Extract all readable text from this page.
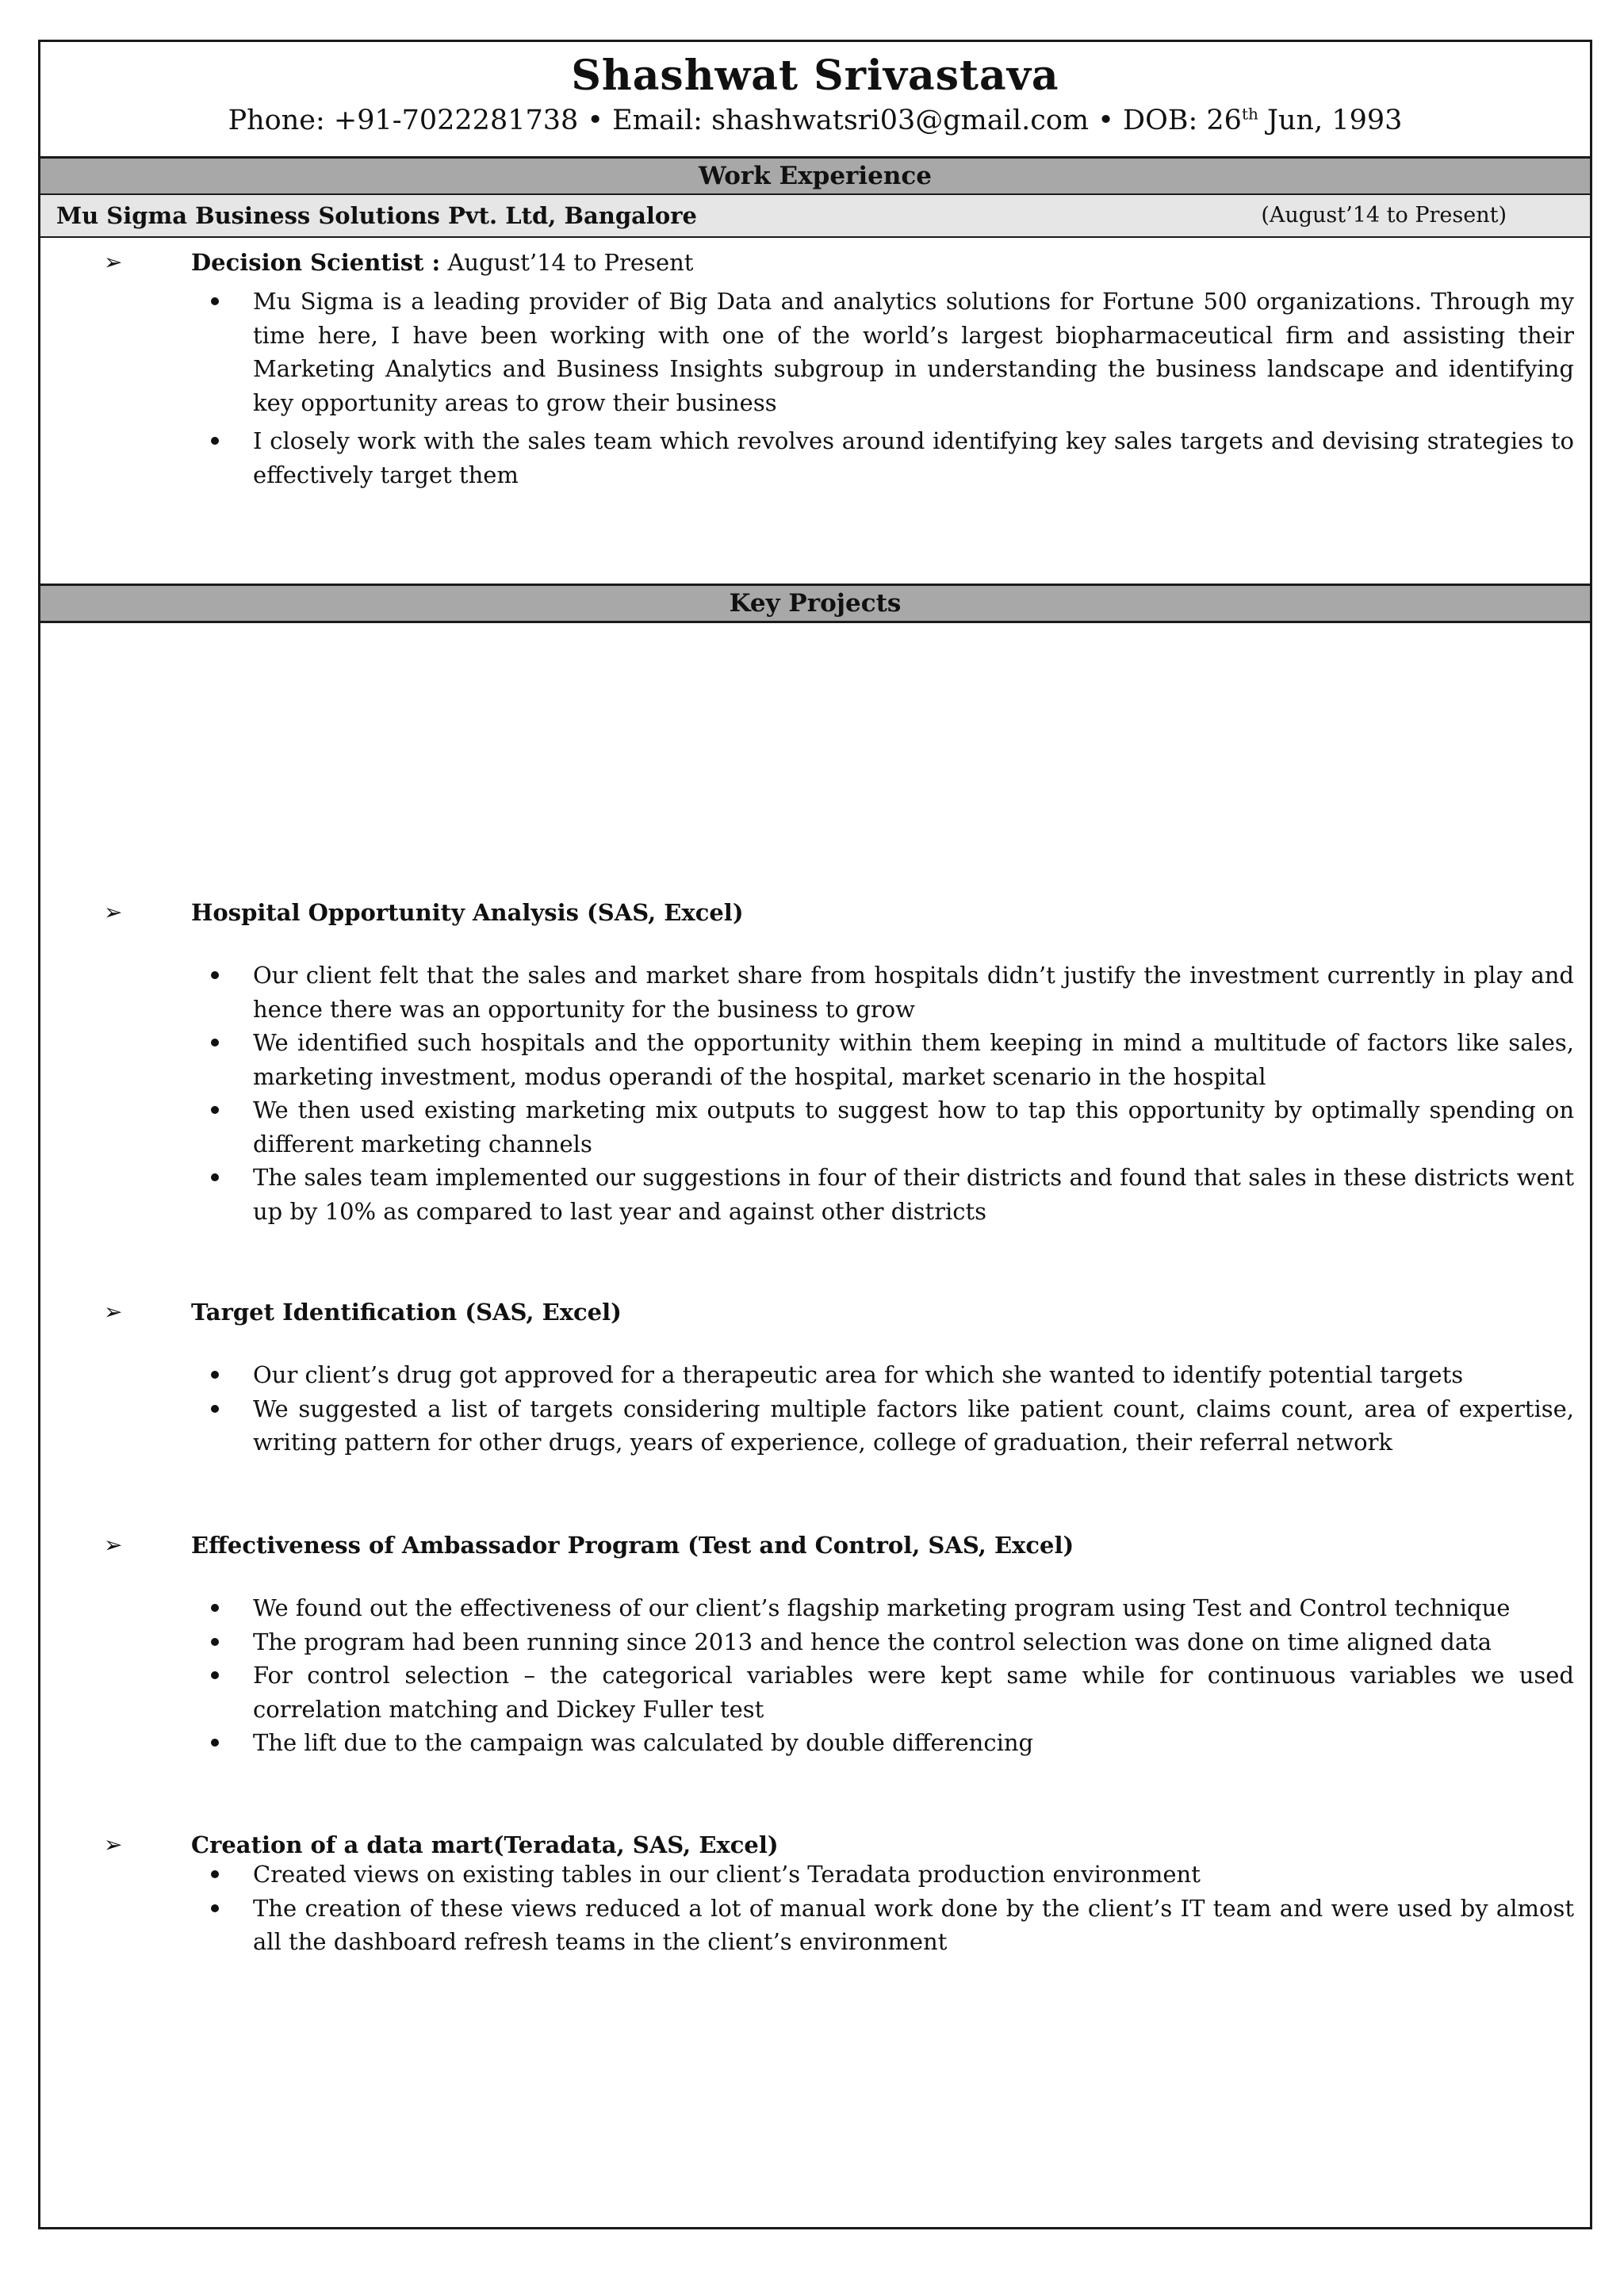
Shashwat Srivastava
Phone: +91-7022281738 • Email: shashwatsri03@gmail.com • DOB: 26th Jun, 1993
Work Experience
Mu Sigma Business Solutions Pvt. Ltd, Bangalore	(August’14 to Present)
➢	Decision Scientist : August’14 to Present
Mu Sigma is a leading provider of Big Data and analytics solutions for Fortune 500 organizations. Through my time here, I have been working with one of the world’s largest biopharmaceutical firm and assisting their Marketing Analytics and Business Insights subgroup in understanding the business landscape and identifying key opportunity areas to grow their business
I closely work with the sales team which revolves around identifying key sales targets and devising strategies to effectively target them
Key Projects
➢	Hospital Opportunity Analysis (SAS, Excel)
Our client felt that the sales and market share from hospitals didn’t justify the investment currently in play and hence there was an opportunity for the business to grow
We identified such hospitals and the opportunity within them keeping in mind a multitude of factors like sales, marketing investment, modus operandi of the hospital, market scenario in the hospital
We then used existing marketing mix outputs to suggest how to tap this opportunity by optimally spending on different marketing channels
The sales team implemented our suggestions in four of their districts and found that sales in these districts went up by 10% as compared to last year and against other districts
➢	Target Identification (SAS, Excel)
Our client’s drug got approved for a therapeutic area for which she wanted to identify potential targets
We suggested a list of targets considering multiple factors like patient count, claims count, area of expertise, writing pattern for other drugs, years of experience, college of graduation, their referral network
➢	Effectiveness of Ambassador Program (Test and Control, SAS, Excel)
We found out the effectiveness of our client’s flagship marketing program using Test and Control technique
The program had been running since 2013 and hence the control selection was done on time aligned data
For control selection – the categorical variables were kept same while for continuous variables we used correlation matching and Dickey Fuller test
The lift due to the campaign was calculated by double differencing
➢	Creation of a data mart(Teradata, SAS, Excel)
Created views on existing tables in our client’s Teradata production environment
The creation of these views reduced a lot of manual work done by the client’s IT team and were used by almost all the dashboard refresh teams in the client’s environment
